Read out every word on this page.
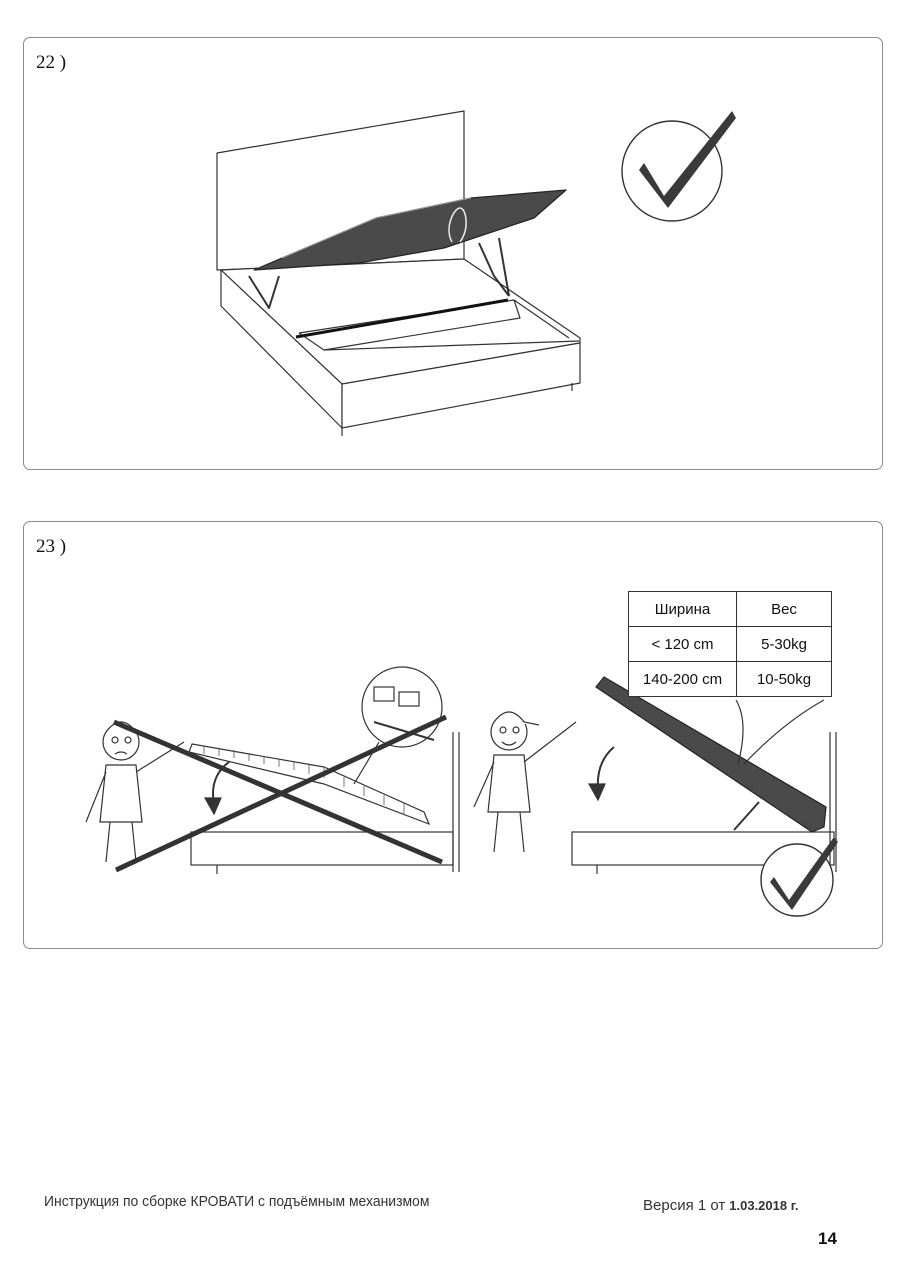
22 )
23 )
Ширина	Вес
< 120 cm	5-30kg
140-200 cm	10-50kg
Инструкция по сборке КРОВАТИ с подъёмным механизмом	Версия 1 от 1.03.2018 г.
14
